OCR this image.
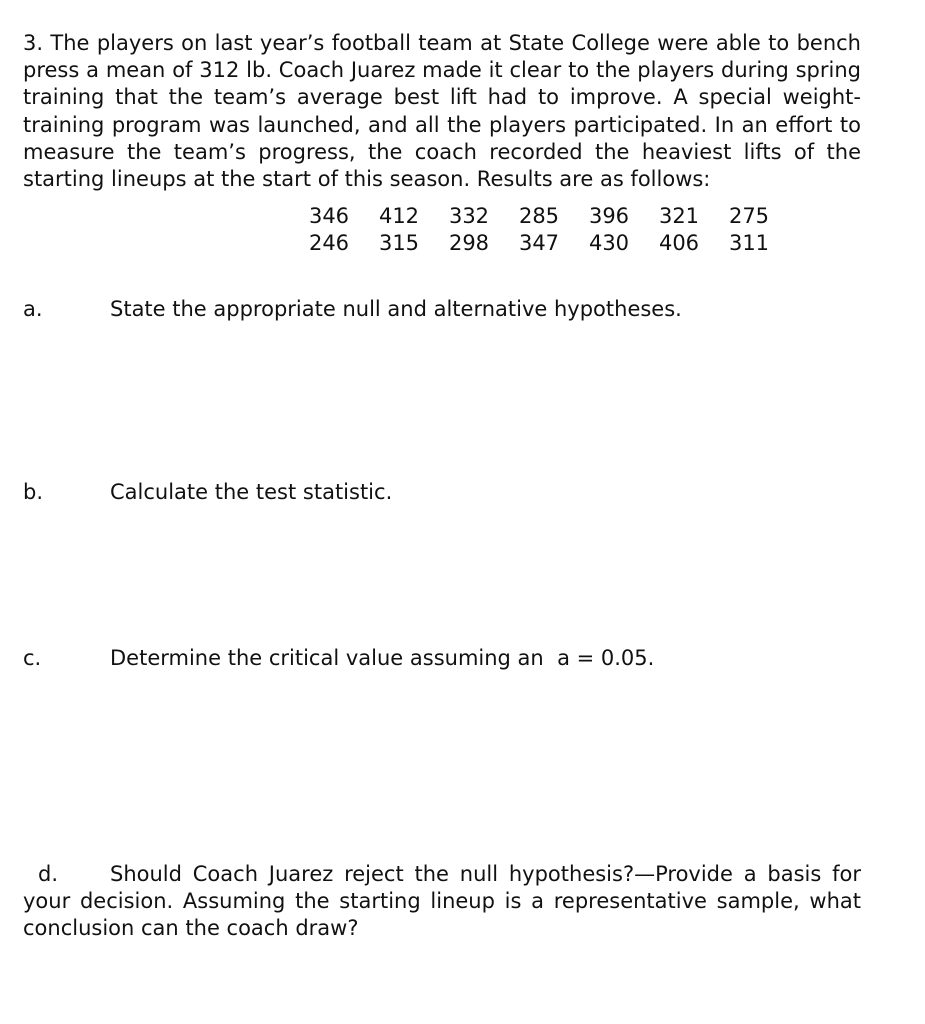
3. The players on last year’s football team at State College were able to bench press a mean of 312 lb. Coach Juarez made it clear to the players during spring training that the team’s average best lift had to improve. A special weight-training program was launched, and all the players participated. In an effort to measure the team’s progress, the coach recorded the heaviest lifts of the starting lineups at the start of this season. Results are as follows:

346	412	332	285	396	321	275
246	315	298	347	430	406	311
a.	State the appropriate null and alternative hypotheses.
b.	Calculate the test statistic.
c.	Determine the critical value assuming an  a = 0.05.

d. Should Coach Juarez reject the null hypothesis?—Provide a basis for your decision. Assuming the starting lineup is a representative sample, what conclusion can the coach draw?
